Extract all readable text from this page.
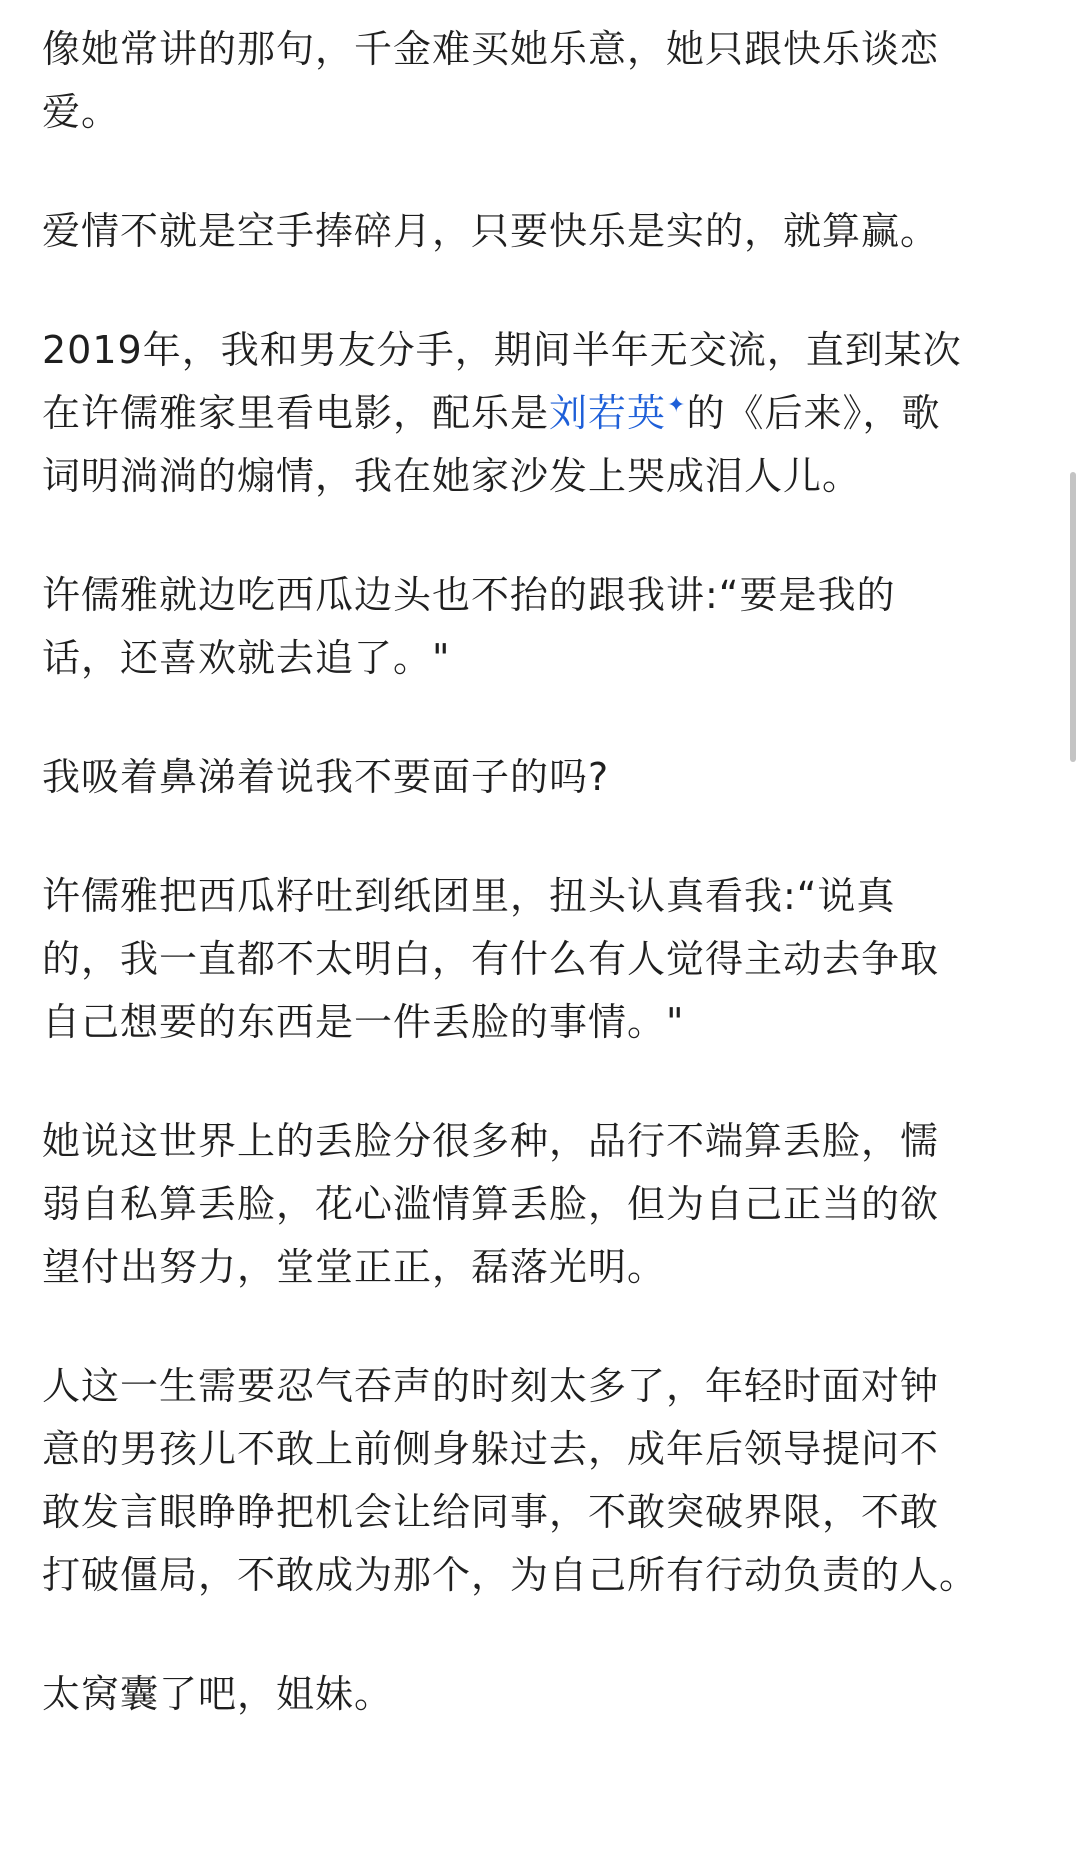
像她常讲的那句，千金难买她乐意，她只跟快乐谈恋
爱。

爱情不就是空手捧碎月，只要快乐是实的，就算赢。

2019年，我和男友分手，期间半年无交流，直到某次
在许儒雅家里看电影，配乐是刘若英✦的《后来》，歌
词明淌淌的煽情，我在她家沙发上哭成泪人儿。

许儒雅就边吃西瓜边头也不抬的跟我讲:“要是我的
话，还喜欢就去追了。"

我吸着鼻涕着说我不要面子的吗?

许儒雅把西瓜籽吐到纸团里，扭头认真看我:“说真
的，我一直都不太明白，有什么有人觉得主动去争取
自己想要的东西是一件丢脸的事情。"

她说这世界上的丢脸分很多种，品行不端算丢脸，懦
弱自私算丢脸，花心滥情算丢脸，但为自己正当的欲
望付出努力，堂堂正正，磊落光明。

人这一生需要忍气吞声的时刻太多了，年轻时面对钟
意的男孩儿不敢上前侧身躲过去，成年后领导提问不
敢发言眼睁睁把机会让给同事，不敢突破界限，不敢
打破僵局，不敢成为那个，为自己所有行动负责的人。

太窝囊了吧，姐妹。
